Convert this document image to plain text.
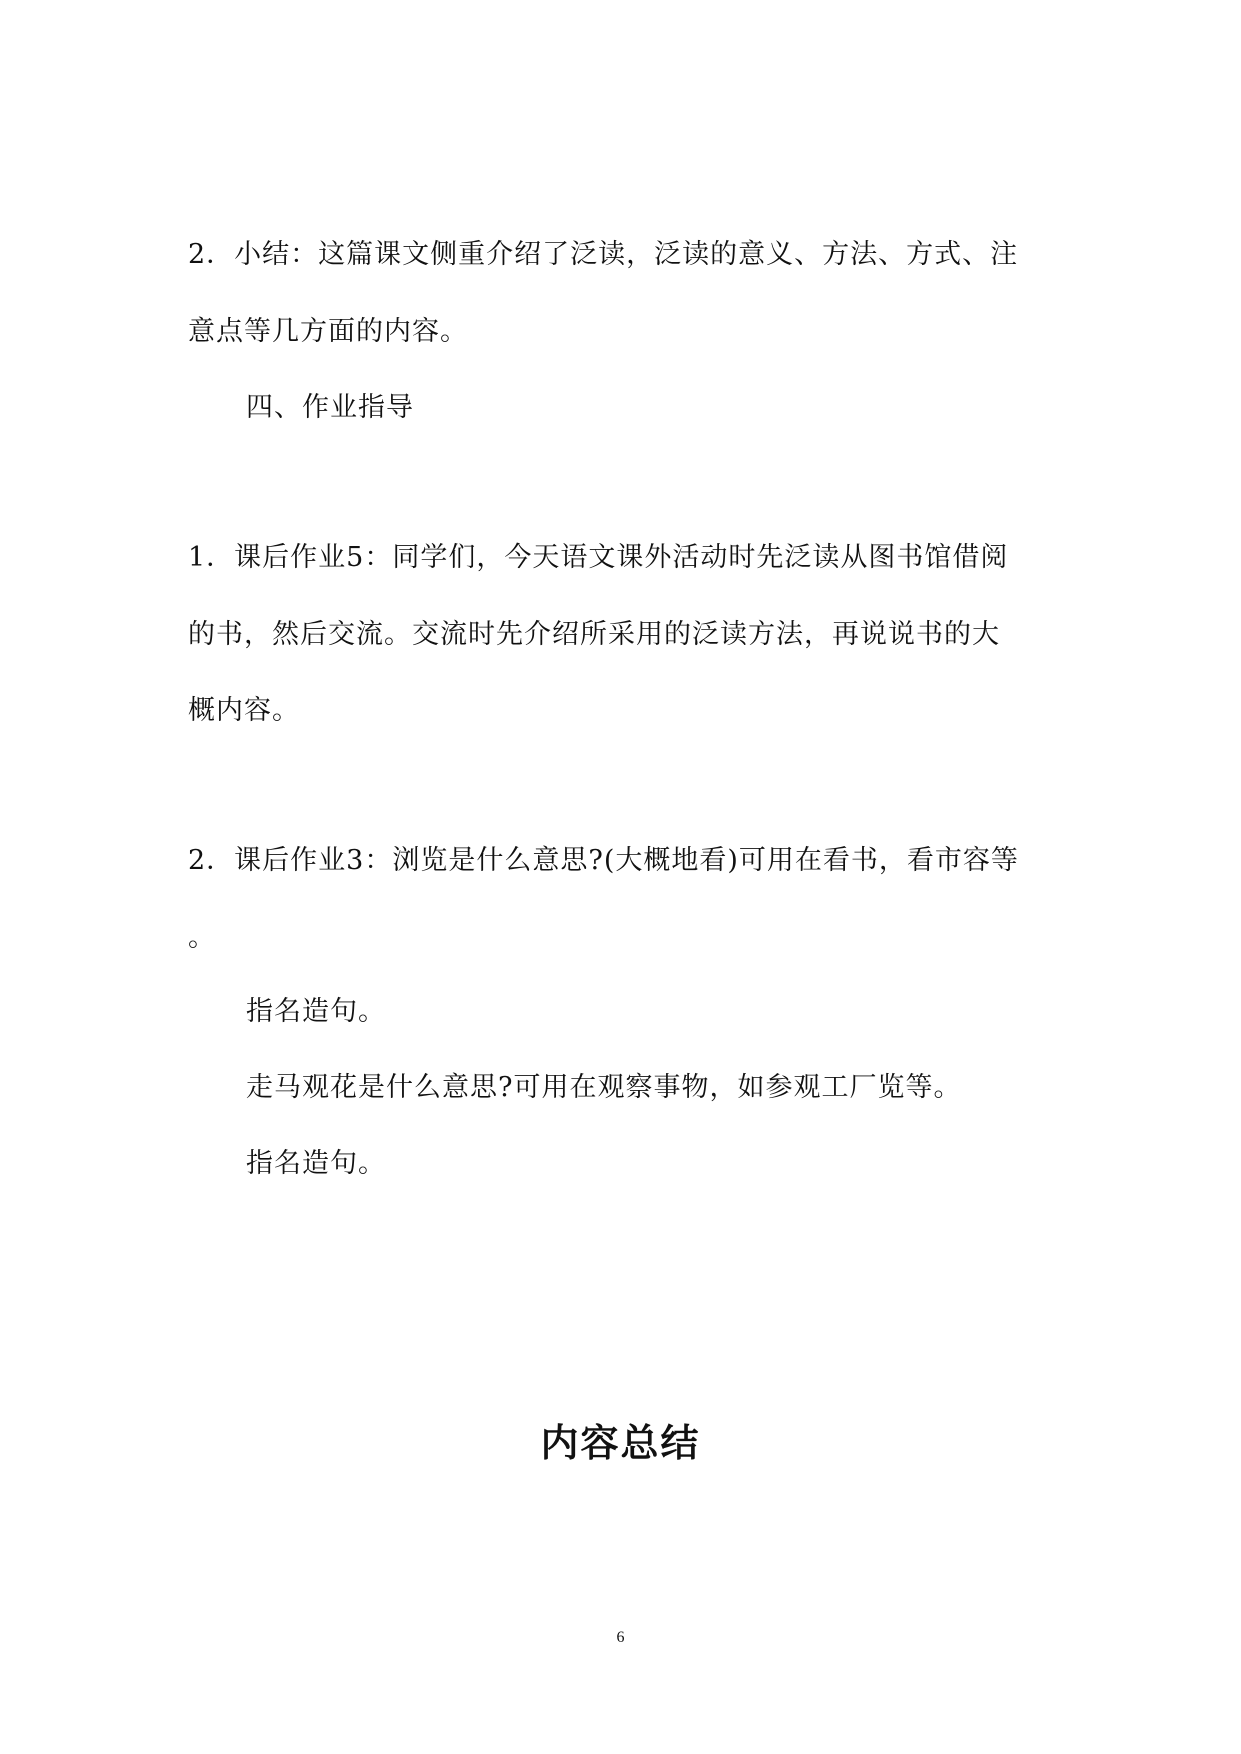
2．小结：这篇课文侧重介绍了泛读，泛读的意义、方法、方式、注
意点等几方面的内容。
四、作业指导
1．课后作业5：同学们，今天语文课外活动时先泛读从图书馆借阅
的书，然后交流。交流时先介绍所采用的泛读方法，再说说书的大
概内容。
2．课后作业3：浏览是什么意思?(大概地看)可用在看书，看市容等
。
指名造句。
走马观花是什么意思?可用在观察事物，如参观工厂览等。
指名造句。
内容总结
6
